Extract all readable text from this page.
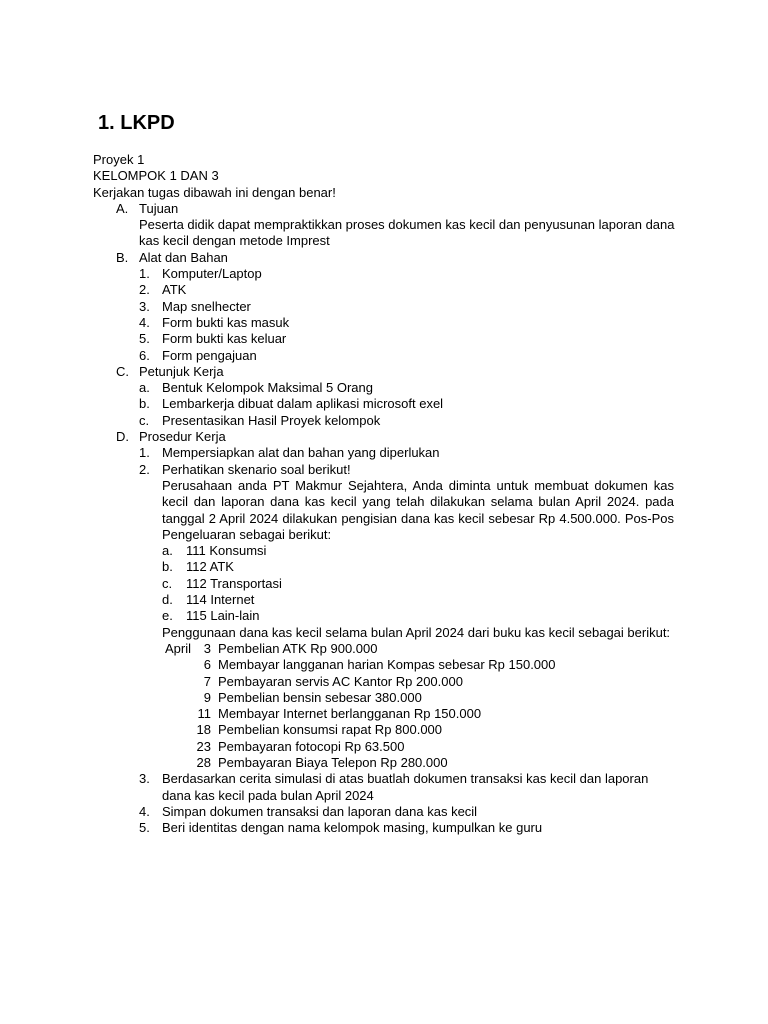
1. LKPD
Proyek 1
KELOMPOK 1 DAN 3
Kerjakan tugas dibawah ini dengan benar!
A. Tujuan
Peserta didik dapat mempraktikkan proses dokumen kas kecil dan penyusunan laporan dana
kas kecil dengan metode Imprest
B. Alat dan Bahan
1. Komputer/Laptop
2. ATK
3. Map snelhecter
4. Form bukti kas masuk
5. Form bukti kas keluar
6. Form pengajuan
C. Petunjuk Kerja
a. Bentuk Kelompok Maksimal 5 Orang
b. Lembarkerja dibuat dalam aplikasi microsoft exel
c. Presentasikan Hasil Proyek kelompok
D. Prosedur Kerja
1. Mempersiapkan alat dan bahan yang diperlukan
2. Perhatikan skenario soal berikut!
Perusahaan anda PT Makmur Sejahtera, Anda diminta untuk membuat dokumen kas
kecil dan laporan dana kas kecil yang telah dilakukan selama bulan April 2024. pada
tanggal 2 April 2024 dilakukan pengisian dana kas kecil sebesar Rp 4.500.000. Pos-Pos
Pengeluaran sebagai berikut:
a. 111 Konsumsi
b. 112 ATK
c. 112 Transportasi
d. 114 Internet
e. 115 Lain-lain
Penggunaan dana kas kecil selama bulan April 2024 dari buku kas kecil sebagai berikut:
April 3 Pembelian ATK Rp 900.000
6 Membayar langganan harian Kompas sebesar Rp 150.000
7 Pembayaran servis AC Kantor Rp 200.000
9 Pembelian bensin sebesar 380.000
11 Membayar Internet berlangganan Rp 150.000
18 Pembelian konsumsi rapat Rp 800.000
23 Pembayaran fotocopi Rp 63.500
28 Pembayaran Biaya Telepon Rp 280.000
3. Berdasarkan cerita simulasi di atas buatlah dokumen transaksi kas kecil dan laporan
dana kas kecil pada bulan April 2024
4. Simpan dokumen transaksi dan laporan dana kas kecil
5. Beri identitas dengan nama kelompok masing, kumpulkan ke guru
